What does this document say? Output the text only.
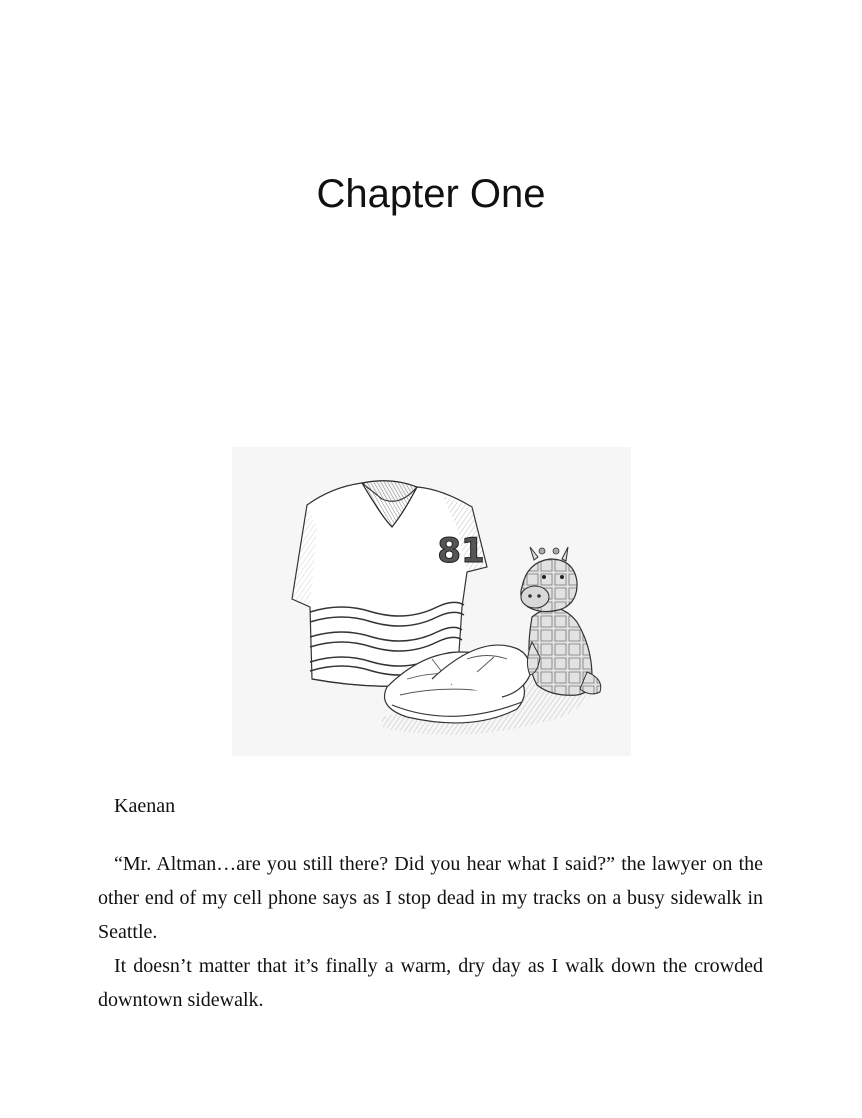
Chapter One
81

Kaenan

“Mr. Altman…are you still there? Did you hear what I said?” the lawyer on the other end of my cell phone says as I stop dead in my tracks on a busy sidewalk in Seattle.

It doesn’t matter that it’s finally a warm, dry day as I walk down the crowded downtown sidewalk.
